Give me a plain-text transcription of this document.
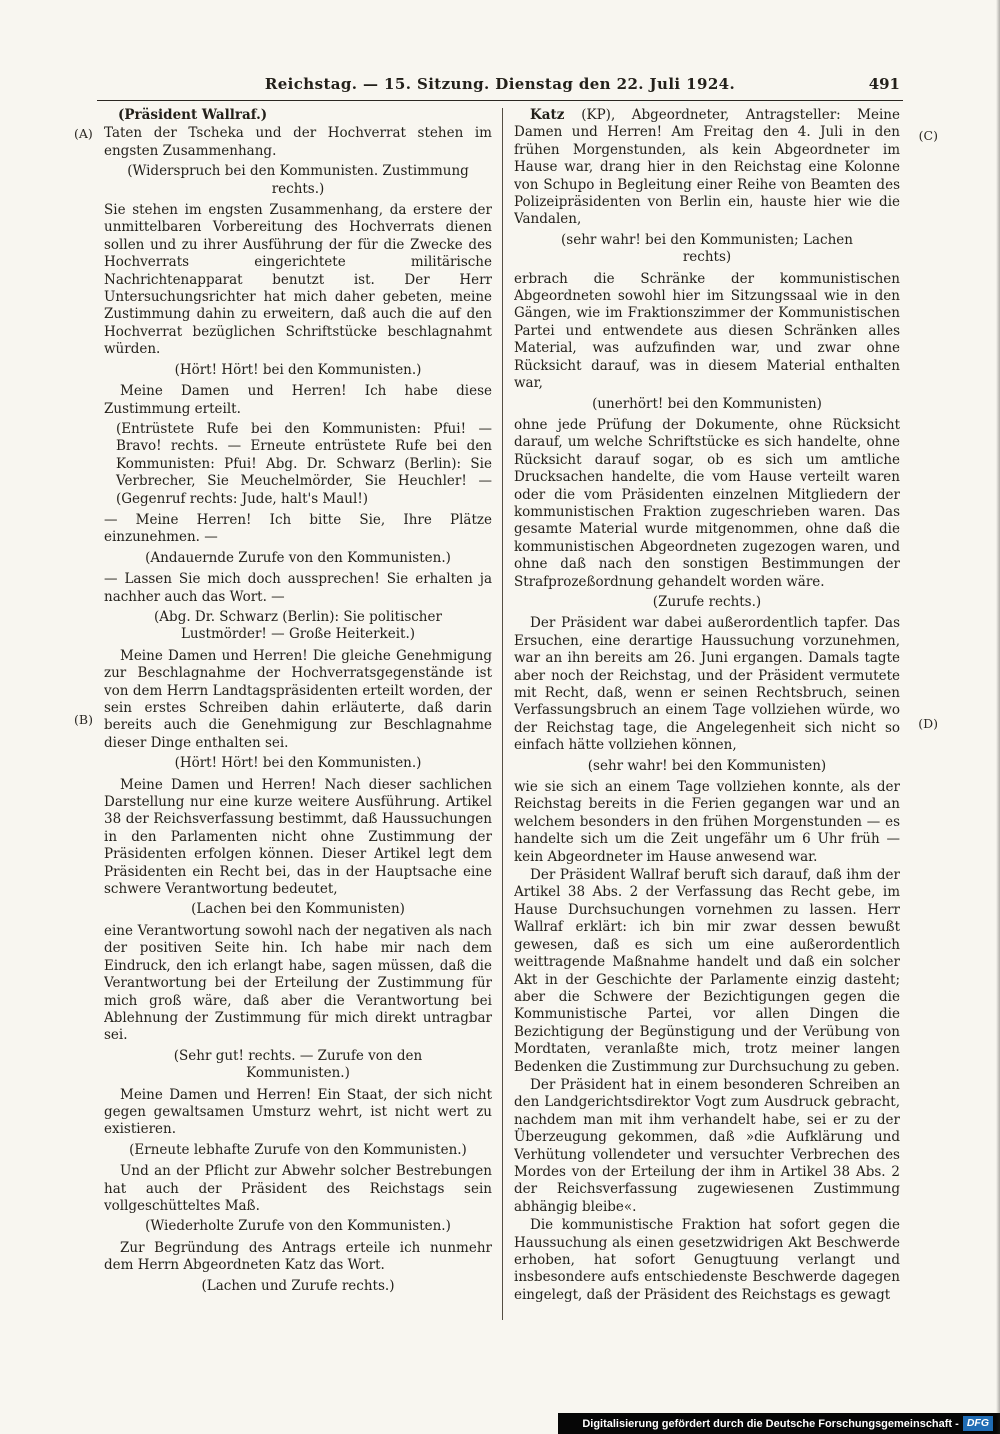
Reichstag. — 15. Sitzung. Dienstag den 22. Juli 1924.	491
(A)
(B)
(C)
(D)

(Präsident Wallraf.)

Taten der Tscheka und der Hochverrat stehen im engsten Zusammenhang.

(Widerspruch bei den Kommunisten. Zustimmung rechts.)

Sie stehen im engsten Zusammenhang, da erstere der unmittelbaren Vorbereitung des Hochverrats dienen sollen und zu ihrer Ausführung der für die Zwecke des Hochverrats eingerichtete militärische Nachrichtenapparat benutzt ist. Der Herr Untersuchungsrichter hat mich daher gebeten, meine Zustimmung dahin zu erweitern, daß auch die auf den Hochverrat bezüglichen Schriftstücke beschlagnahmt würden.

(Hört! Hört! bei den Kommunisten.)

Meine Damen und Herren! Ich habe diese Zustimmung erteilt.

(Entrüstete Rufe bei den Kommunisten: Pfui! — Bravo! rechts. — Erneute entrüstete Rufe bei den Kommunisten: Pfui! Abg. Dr. Schwarz (Berlin): Sie Verbrecher, Sie Meuchelmörder, Sie Heuchler! — (Gegenruf rechts: Jude, halt's Maul!)

— Meine Herren! Ich bitte Sie, Ihre Plätze einzunehmen. —

(Andauernde Zurufe von den Kommunisten.)

— Lassen Sie mich doch aussprechen! Sie erhalten ja nachher auch das Wort. —

(Abg. Dr. Schwarz (Berlin): Sie politischer Lustmörder! — Große Heiterkeit.)

Meine Damen und Herren! Die gleiche Genehmigung zur Beschlagnahme der Hochverratsgegenstände ist von dem Herrn Landtagspräsidenten erteilt worden, der sein erstes Schreiben dahin erläuterte, daß darin bereits auch die Genehmigung zur Beschlagnahme dieser Dinge enthalten sei.

(Hört! Hört! bei den Kommunisten.)

Meine Damen und Herren! Nach dieser sachlichen Darstellung nur eine kurze weitere Ausführung. Artikel 38 der Reichsverfassung bestimmt, daß Haussuchungen in den Parlamenten nicht ohne Zustimmung der Präsidenten erfolgen können. Dieser Artikel legt dem Präsidenten ein Recht bei, das in der Hauptsache eine schwere Verantwortung bedeutet,

(Lachen bei den Kommunisten)

eine Verantwortung sowohl nach der negativen als nach der positiven Seite hin. Ich habe mir nach dem Eindruck, den ich erlangt habe, sagen müssen, daß die Verantwortung bei der Erteilung der Zustimmung für mich groß wäre, daß aber die Verantwortung bei Ablehnung der Zustimmung für mich direkt untragbar sei.

(Sehr gut! rechts. — Zurufe von den Kommunisten.)

Meine Damen und Herren! Ein Staat, der sich nicht gegen gewaltsamen Umsturz wehrt, ist nicht wert zu existieren.

(Erneute lebhafte Zurufe von den Kommunisten.)

Und an der Pflicht zur Abwehr solcher Bestrebungen hat auch der Präsident des Reichstags sein vollgeschütteltes Maß.

(Wiederholte Zurufe von den Kommunisten.)

Zur Begründung des Antrags erteile ich nunmehr dem Herrn Abgeordneten Katz das Wort.

(Lachen und Zurufe rechts.)

Katz (KP), Abgeordneter, Antragsteller: Meine Damen und Herren! Am Freitag den 4. Juli in den frühen Morgenstunden, als kein Abgeordneter im Hause war, drang hier in den Reichstag eine Kolonne von Schupo in Begleitung einer Reihe von Beamten des Polizeipräsidenten von Berlin ein, hauste hier wie die Vandalen,

(sehr wahr! bei den Kommunisten; Lachen rechts)

erbrach die Schränke der kommunistischen Abgeordneten sowohl hier im Sitzungssaal wie in den Gängen, wie im Fraktionszimmer der Kommunistischen Partei und entwendete aus diesen Schränken alles Material, was aufzufinden war, und zwar ohne Rücksicht darauf, was in diesem Material enthalten war,

(unerhört! bei den Kommunisten)

ohne jede Prüfung der Dokumente, ohne Rücksicht darauf, um welche Schriftstücke es sich handelte, ohne Rücksicht darauf sogar, ob es sich um amtliche Drucksachen handelte, die vom Hause verteilt waren oder die vom Präsidenten einzelnen Mitgliedern der kommunistischen Fraktion zugeschrieben waren. Das gesamte Material wurde mitgenommen, ohne daß die kommunistischen Abgeordneten zugezogen waren, und ohne daß nach den sonstigen Bestimmungen der Strafprozeßordnung gehandelt worden wäre.

(Zurufe rechts.)

Der Präsident war dabei außerordentlich tapfer. Das Ersuchen, eine derartige Haussuchung vorzunehmen, war an ihn bereits am 26. Juni ergangen. Damals tagte aber noch der Reichstag, und der Präsident vermutete mit Recht, daß, wenn er seinen Rechtsbruch, seinen Verfassungsbruch an einem Tage vollziehen würde, wo der Reichstag tage, die Angelegenheit sich nicht so einfach hätte vollziehen können,

(sehr wahr! bei den Kommunisten)

wie sie sich an einem Tage vollziehen konnte, als der Reichstag bereits in die Ferien gegangen war und an welchem besonders in den frühen Morgenstunden — es handelte sich um die Zeit ungefähr um 6 Uhr früh — kein Abgeordneter im Hause anwesend war.

Der Präsident Wallraf beruft sich darauf, daß ihm der Artikel 38 Abs. 2 der Verfassung das Recht gebe, im Hause Durchsuchungen vornehmen zu lassen. Herr Wallraf erklärt: ich bin mir zwar dessen bewußt gewesen, daß es sich um eine außerordentlich weittragende Maßnahme handelt und daß ein solcher Akt in der Geschichte der Parlamente einzig dasteht; aber die Schwere der Bezichtigungen gegen die Kommunistische Partei, vor allen Dingen die Bezichtigung der Begünstigung und der Verübung von Mordtaten, veranlaßte mich, trotz meiner langen Bedenken die Zustimmung zur Durchsuchung zu geben.

Der Präsident hat in einem besonderen Schreiben an den Landgerichtsdirektor Vogt zum Ausdruck gebracht, nachdem man mit ihm verhandelt habe, sei er zu der Überzeugung gekommen, daß »die Aufklärung und Verhütung vollendeter und versuchter Verbrechen des Mordes von der Erteilung der ihm in Artikel 38 Abs. 2 der Reichsverfassung zugewiesenen Zustimmung abhängig bleibe«.

Die kommunistische Fraktion hat sofort gegen die Haussuchung als einen gesetzwidrigen Akt Beschwerde erhoben, hat sofort Genugtuung verlangt und insbesondere aufs entschiedenste Beschwerde dagegen eingelegt, daß der Präsident des Reichstags es gewagt

Digitalisierung gefördert durch die Deutsche Forschungsgemeinschaft - DFG
